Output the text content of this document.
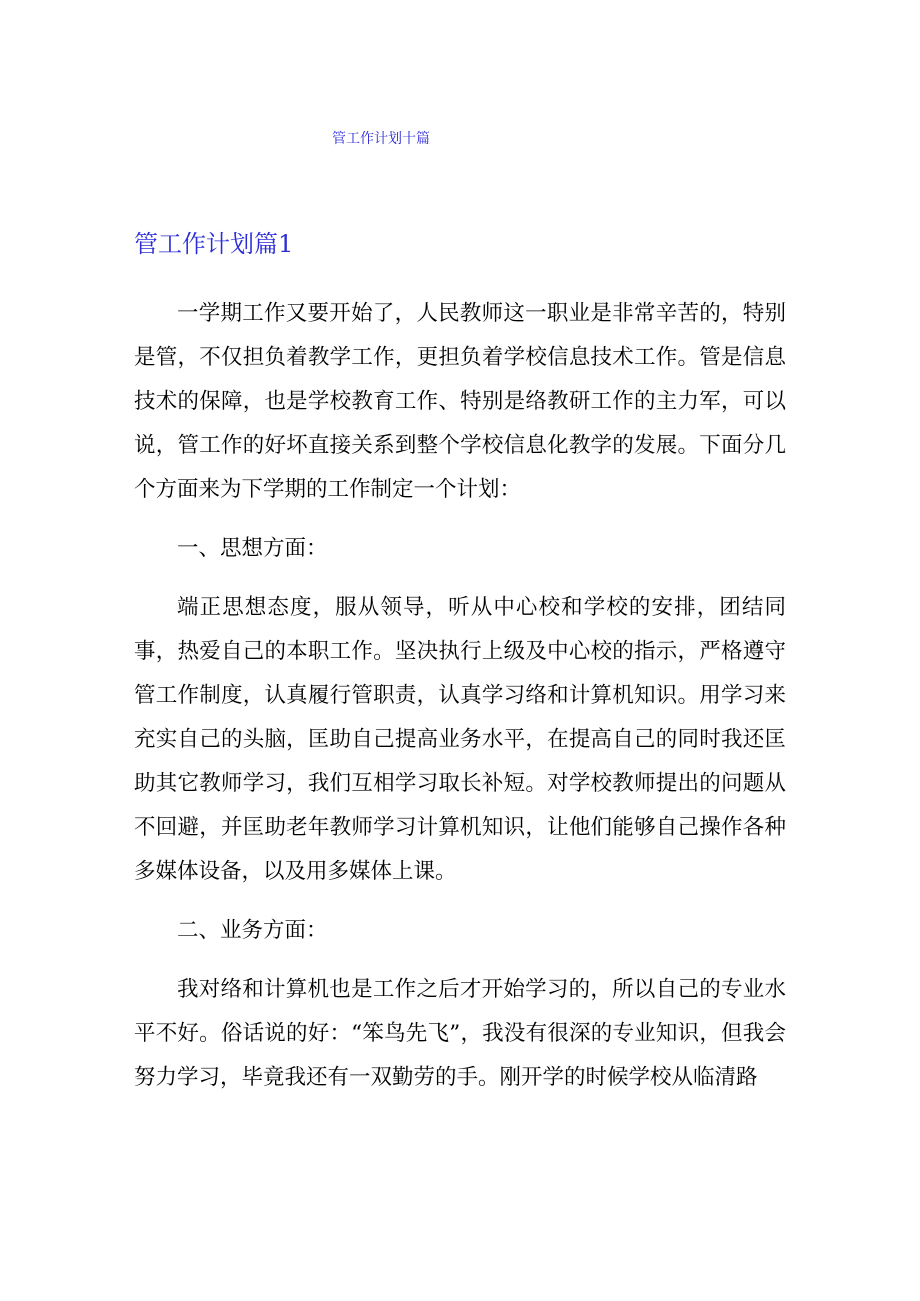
管工作计划十篇
管工作计划篇1

一学期工作又要开始了，人民教师这一职业是非常辛苦的，特别是管，不仅担负着教学工作，更担负着学校信息技术工作。管是信息技术的保障，也是学校教育工作、特别是络教研工作的主力军，可以说，管工作的好坏直接关系到整个学校信息化教学的发展。下面分几个方面来为下学期的工作制定一个计划：

一、思想方面：

端正思想态度，服从领导，听从中心校和学校的安排，团结同事，热爱自己的本职工作。坚决执行上级及中心校的指示，严格遵守管工作制度，认真履行管职责，认真学习络和计算机知识。用学习来充实自己的头脑，匡助自己提高业务水平，在提高自己的同时我还匡助其它教师学习，我们互相学习取长补短。对学校教师提出的问题从不回避，并匡助老年教师学习计算机知识，让他们能够自己操作各种多媒体设备，以及用多媒体上课。

二、业务方面：

我对络和计算机也是工作之后才开始学习的，所以自己的专业水平不好。俗话说的好：“笨鸟先飞”，我没有很深的专业知识，但我会努力学习，毕竟我还有一双勤劳的手。刚开学的时候学校从临清路
